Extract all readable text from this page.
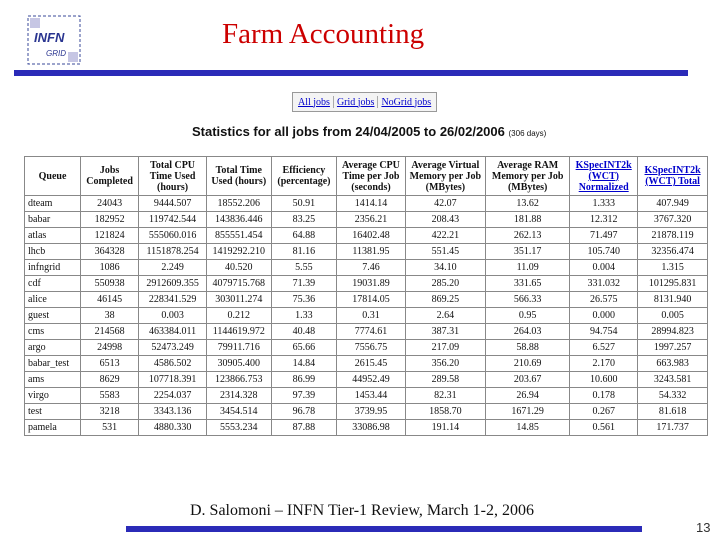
INFN
GRID
Farm Accounting
All jobs Grid jobs NoGrid jobs
Statistics for all jobs from 24/04/2005 to 26/02/2006 (306 days)
Queue	Jobs Completed	Total CPU Time Used (hours)	Total Time Used (hours)	Efficiency (percentage)	Average CPU Time per Job (seconds)	Average Virtual Memory per Job (MBytes)	Average RAM Memory per Job (MBytes)	KSpecINT2k (WCT) Normalized	KSpecINT2k (WCT) Total
dteam	24043	9444.507	18552.206	50.91	1414.14	42.07	13.62	1.333	407.949
babar	182952	119742.544	143836.446	83.25	2356.21	208.43	181.88	12.312	3767.320
atlas	121824	555060.016	855551.454	64.88	16402.48	422.21	262.13	71.497	21878.119
lhcb	364328	1151878.254	1419292.210	81.16	11381.95	551.45	351.17	105.740	32356.474
infngrid	1086	2.249	40.520	5.55	7.46	34.10	11.09	0.004	1.315
cdf	550938	2912609.355	4079715.768	71.39	19031.89	285.20	331.65	331.032	101295.831
alice	46145	228341.529	303011.274	75.36	17814.05	869.25	566.33	26.575	8131.940
guest	38	0.003	0.212	1.33	0.31	2.64	0.95	0.000	0.005
cms	214568	463384.011	1144619.972	40.48	7774.61	387.31	264.03	94.754	28994.823
argo	24998	52473.249	79911.716	65.66	7556.75	217.09	58.88	6.527	1997.257
babar_test	6513	4586.502	30905.400	14.84	2615.45	356.20	210.69	2.170	663.983
ams	8629	107718.391	123866.753	86.99	44952.49	289.58	203.67	10.600	3243.581
virgo	5583	2254.037	2314.328	97.39	1453.44	82.31	26.94	0.178	54.332
test	3218	3343.136	3454.514	96.78	3739.95	1858.70	1671.29	0.267	81.618
pamela	531	4880.330	5553.234	87.88	33086.98	191.14	14.85	0.561	171.737
D. Salomoni – INFN Tier-1 Review, March 1-2, 2006
13
